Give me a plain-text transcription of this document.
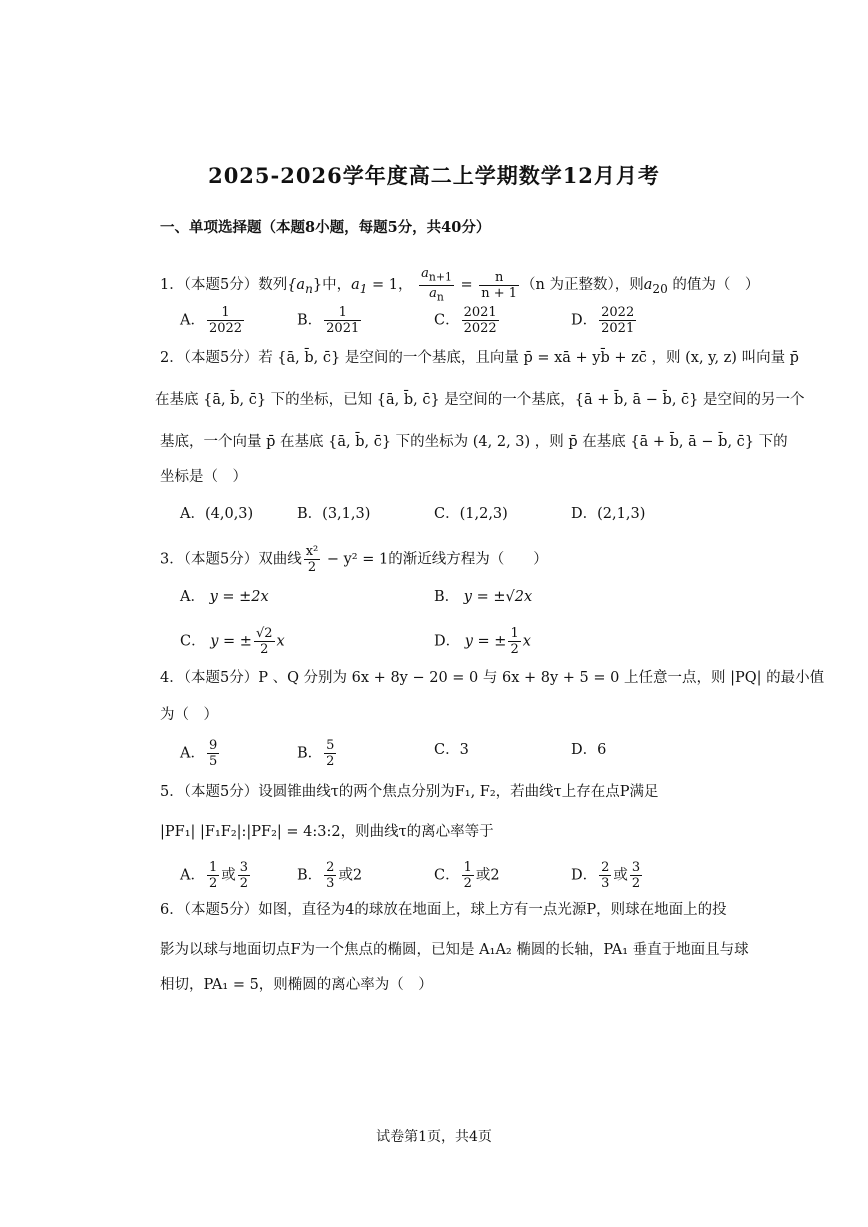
2025-2026学年度高二上学期数学12月月考
一、单项选择题（本题8小题，每题5分，共40分）
1．（本题5分）数列$\{a_n\}$中，$a_1 = 1$， $\frac{a_{n+1}}{a_n} = \frac{n}{n + 1} (n$ 为正整数），则$a_{20}$ 的值为（　）
A． $\frac{1}{2022}$	B． $\frac{1}{2021}$	C． $\frac{2021}{2022}$	D． $\frac{2022}{2021}$
2．（本题5分）若 {ā, b̄, c̄} 是空间的一个基底，且向量 p̄ = xā + yb̄ + zc̄ ，则 (x, y, z) 叫向量 p̄
在基底 {ā, b̄, c̄} 下的坐标，已知 {ā, b̄, c̄} 是空间的一个基底，{ā + b̄, ā − b̄, c̄} 是空间的另一个
基底，一个向量 p̄ 在基底 {ā, b̄, c̄} 下的坐标为 (4, 2, 3) ，则 p̄ 在基底 {ā + b̄, ā − b̄, c̄} 下的
坐标是（　）
A．(4,0,3)	B．(3,1,3)	C．(1,2,3)	D．(2,1,3)
3．（本题5分）双曲线 $\frac{\text{x²}}{2} - y^2 = 1$的渐近线方程为（　　）
A． y = ±2x	B． y = ±√2x
C． y = ± $\frac{√2}{2}$ x	D． y = ± $\frac{1}{2}$ x
4．（本题5分）P 、Q 分别为 6x + 8y − 20 = 0 与 6x + 8y + 5 = 0 上任意一点，则 |PQ| 的最小值
为（　）
A． $\frac{9}{5}$	B． $\frac{5}{2}$	C．3	D．6
5．（本题5分）设圆锥曲线τ的两个焦点分别为F₁, F₂，若曲线τ上存在点P满足
|PF₁| |F₁F₂|:|PF₂| = 4:3:2，则曲线τ的离心率等于
A． $\frac{1}{2}$ 或 $\frac{3}{2}$	B． $\frac{2}{3}$ 或2	C． $\frac{1}{2}$ 或2	D． $\frac{2}{3}$ 或 $\frac{3}{2}$
6．（本题5分）如图，直径为4的球放在地面上，球上方有一点光源P，则球在地面上的投
影为以球与地面切点F为一个焦点的椭圆，已知是 A₁A₂ 椭圆的长轴，PA₁ 垂直于地面且与球
相切，PA₁ = 5，则椭圆的离心率为（　）
试卷第1页，共4页
